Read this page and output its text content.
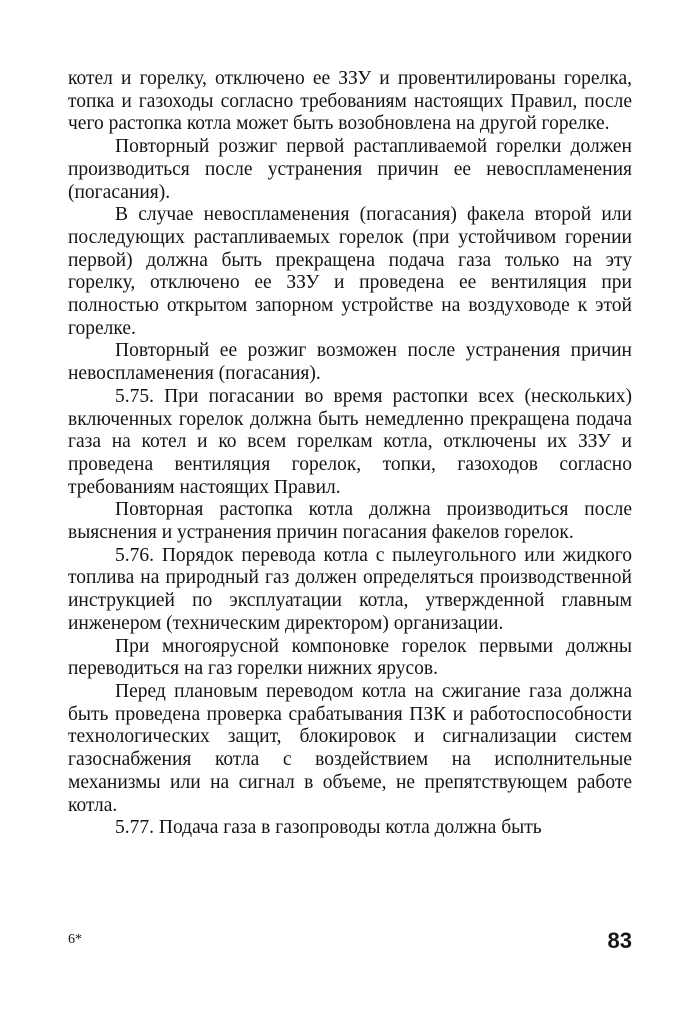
котел и горелку, отключено ее ЗЗУ и провентилированы горелка, топка и газоходы согласно требованиям настоящих Правил, после чего растопка котла может быть возобновлена на другой горелке.

Повторный розжиг первой растапливаемой горелки должен производиться после устранения причин ее невоспламенения (погасания).

В случае невоспламенения (погасания) факела второй или последующих растапливаемых горелок (при устойчивом горении первой) должна быть прекращена подача газа только на эту горелку, отключено ее ЗЗУ и проведена ее вентиляция при полностью открытом запорном устройстве на воздуховоде к этой горелке.

Повторный ее розжиг возможен после устранения причин невоспламенения (погасания).

5.75. При погасании во время растопки всех (нескольких) включенных горелок должна быть немедленно прекращена подача газа на котел и ко всем горелкам котла, отключены их ЗЗУ и проведена вентиляция горелок, топки, газоходов согласно требованиям настоящих Правил.

Повторная растопка котла должна производиться после выяснения и устранения причин погасания факелов горелок.

5.76. Порядок перевода котла с пылеугольного или жидкого топлива на природный газ должен определяться производственной инструкцией по эксплуатации котла, утвержденной главным инженером (техническим директором) организации.

При многоярусной компоновке горелок первыми должны переводиться на газ горелки нижних ярусов.

Перед плановым переводом котла на сжигание газа должна быть проведена проверка срабатывания ПЗК и работоспособности технологических защит, блокировок и сигнализации систем газоснабжения котла с воздействием на исполнительные механизмы или на сигнал в объеме, не препятствующем работе котла.

5.77. Подача газа в газопроводы котла должна быть

6*	83
